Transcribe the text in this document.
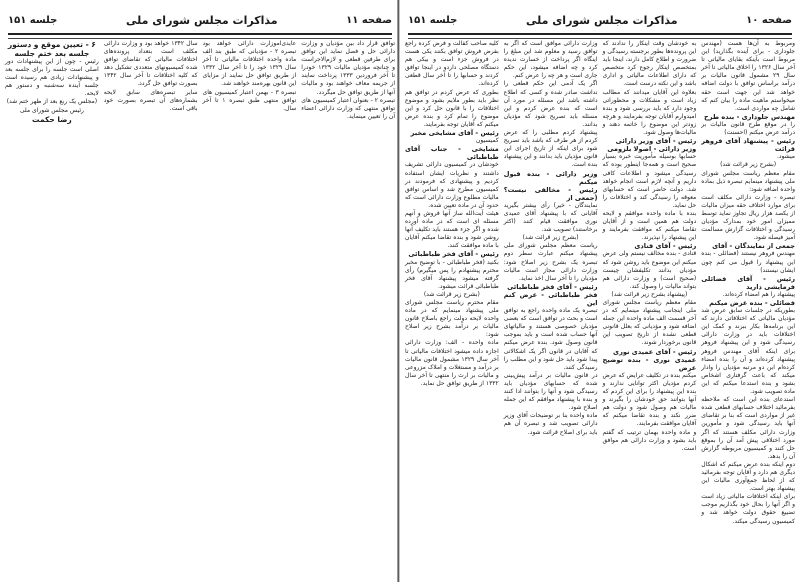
صفحه ۱۱
مذاکرات مجلس شورای ملی
جلسه ۱۵۱

توافق قرار داد بین مؤدیان و وزارت دارائی حل و فصل نماید این توافق برای طرفین قطعی و لازم‌الاجراست و چنانچه مؤدیان مالیات ۱۳۲۹ خودرا تا آخر فروردین ۱۳۳۳ پرداخت نمایند از جریمه معاف خواهند بود و مالیات آنها از طریق توافق حل میگردد.

تبصره ۲ - بعنوان اعتبار کمیسیون های توافق منتهی که وزارت دارائی اعضاء آن را تعیین مینماید.

عایدی‌اموزارت دارائی خواهد بود تبصره ۲ - مؤدیانی که طبق بند الف ماده واحده اختلافات مالیاتی تا آخر سال ۱۳۲۹ خود را تا آخر سال ۱۳۳۲ از طریق توافق حل نمایند از مزایای این قانون بهره‌مند خواهند شد.

تبصره ۳ - بهمن اعتبار کمیسیون های توافق منتهی طبق تبصره ۱ تا آخر سال.

سال ۱۳۴۲ خواهد بود و وزارت دارائی مکلف است بتعداد پرونده‌های اختلافات مالیاتی که تقاضای توافق شده کمیسیونهای متعددی تشکیل دهد که کلیه اختلافات تا آخر سال ۱۳۴۲ بصورت توافق حل گردد.

سایر تبصره‌های سابق لایحه بشماره‌های آن تبصره بصورت خود باقی است.

۶ - تعیین موقع و دستور جلسه بعد ختم جلسه

رئیس - چون از این پیشنهادات دور اصلی است جلسه را برای جلسه بعد و پیشنهادات زیادی هم رسیده است جلسه آینده سه‌شنبه و دستور هم لایحه.

(مجلس یک ربع بعد از ظهر ختم شد)

رئیس مجلس شورای ملی

رضا حکمت

صفحه ۱۰
مذاکرات مجلس شورای ملی
جلسه ۱۵۱

ومربوط به آن‌ها هست (مهندس جلوداری - برای آینده بگذارید) این مربوط است بآینکه بقایای مالیاتی تا آخر سال ۱۳۲۶ را اخلاق مالیاتی تا آخر سال ۲۹ مشمول قانون مالیات بر درآمد براساس توافق با دولت اضافه خواهد شد این جهت است حقه میخواستم ماهیت ماده را بیان کنم که شامل چه مواردی است.

مهندس جلوداری - بنده طرح

را در موقع طرح قانون مالیات بر درآمد عرض میکنم (احسنت)

رئیس - پیشنهاد آقای فروهر قرائت

میشود.

(بشرح زیر قرائت شد)

مقام معظم ریاست مجلس شورای ملی پیشنهاد مینمایم تبصره ذیل بماده واحده اضافه شود:

تبصره - وزارت دارائی مکلف است برای موارد اختلاف حقه میزان مالیات از یکصد هزار ریال تجاوز نماید توسط ممیزان امور خود بمدارک مؤدیان رسیدگی و اختلافات گزارش مسالمت آمیز فیصله شود.

جمعی از نمایندگان - آقای

مهندس فروهر نیستند (فضائلی - بنده این پیشنهاد را قبول می کنم چون ایشان نیستند)

رئیس - آقای فضائلی فرمایشی دارید

پیشنهاد را هم امضاء کرده‌اند.

فضائلی - بنده عرض میکنم

بطوریکه در جلسات سابق عرض شد مؤدیان مالیاتی که اختلافاتی دارند که این برنامه‌ها بکار ببرند و کمک این اختلافات باید در وزارت دارائی رسیدگی شود و این پیشنهاد فروهر برای اینکه آقای مهندس فروهر پیشنهاد کرده‌اند و آن را بنده امضاء کرده‌ام این دو مرتبه مؤدیان را وادار میکند که باعث گرفتاری اشخاص بشود و بنده استدعا میکنم که این ماده تصویب شود.

استدعای بنده این است که ملاحظه بفرمائید اختلاف حسابهای قطعی شده غیر از مواردی است که بنا بر تقاضای آنها باید رسیدگی شود و مأمورین وزارت دارائی مکلف هستند که اگر مورد اختلافی پیش آمد آن را بموقع حل کنند و کمیسیون مربوطه گزارش آن را بدهد.

دوم اینکه بنده عرض میکنم که اشکال دیگری هم دارد و آقایان توجه بفرمائید که از لحاظ جمع‌آوری مالیات این پیشنهاد بهتر است.

برای اینکه اختلافات مالیاتی زیاد است و اگر آنها را بحال خود بگذاریم موجب تضییع حقوق دولت خواهد شد و کمیسیون رسیدگی میکند.

به خودشان وقت اینکار را ندادند که این پرونده‌ها بطور برجسته رسیدگی و ضرورت و اطلاع کامل دارند، اینجا باید بمتخصص اینکار رجوع کرد متخصص که دارای اطلاعات مالیاتی و اداری باشد و این نکته درست است.

بعلاوه این آقایان میدانند که مطالب زیاد است و مشکلات و محظوراتی وجود دارد که باید بررسی شود و بنده امیدوارم آقایان توجه بفرمایند و هرچه زودتر این موضوع را خاتمه دهند و مالیات‌ها وصول شود.

رئیس - آقای وزیر دارائی

وزیر دارائی - اصولا بلزومی

حسابها بوسیله مأموریت خبره بسیار صحیح است و همه‌جا اینطور بوده که رسیدگی میشود و اطلاعات کافی داریم و آنچه لازم است انجام خواهد شد. دولت حاضر است که حسابهای معوقه را رسیدگی کند و اختلافات را حل نماید.

بنده با ماده واحده موافقم و لایحه دولت هم همین است و از آقایان تقاضا میکنم که موافقت بفرمایند و این پیشنهاد را نپذیرند.

رئیس - آقای قنادی

قنادی - بنده مخالف نیستم ولی عرض میکنم این موضوع باید روشن شود که مؤدیان بدانند تکلیفشان چیست (صحیح است) و وزارت دارائی هم بتواند مالیات را وصول کند.

(پیشنهاد بشرح زیر قرائت شد)

مقام معظم ریاست مجلس شورای ملی اینجانب پیشنهاد مینمایم که در آخر قسمت الف ماده واحده این جمله اضافه شود و مؤدیانی که بعلل قانونی قطعی نشده از تاریخ تصویب این قانون برخوردار شوند.

رئیس - آقای عمیدی نوری

عمیدی نوری - بنده توضیح عرض

میکنم بنده در تکلیف عرایض که عرض کردم مؤدیان اکثر توانایی ندارند و بنده این پیشنهاد را برای این کردم که آنها بتوانند حق خودشان را بگیرند و مالیات هم وصول شود و دولت هم ضرر نکند و بنده تقاضا میکنم که آقایان موافقت بفرمایند.

و ماده واحده بهمان ترتیب که گفتم باید بشود و وزارت دارائی هم موافق است.

وزارت دارائی موافق است که اگر به توافق رسید و معلوم شد این مبلغ را اینگاه اگر پرداخت از خسارت ندیده کرد و چه اضافه میشود، این حکم جاری است و هر چه را عرض کنم.

اگر یک آدمی این حکم قطعی را نداشت صادر شده و کسی که اطلاع داشته باشد این مسئله در مورد آن است که بنده عرض کردم و این مسئله باید تصریح شود که مؤدیان بدانند.

پیشنهاد کردم مطلبی را که عرض کردم از هر طرف که باشد باید تصریح شود برای اینکه از تاریخ اجرای این قانون مؤدیان باید بدانند و این پیشنهاد بنده است.

وزیر دارائی - بنده قبول میکنم

رئیس - مخالفی نیست؟ (جمعی از

نمایندگان - خیر) رأی بیشتر بگیرید آقایانی که با پیشنهاد آقای عمیدی نوری موافقت قیام کنند (اکثر برخاستند) تصویب شد.

(بشرح زیر قرائت شد)

ریاست معظم مجلس شورای ملی پیشنهاد میکنم عبارت سطر دوم تبصره یک بشرح زیر اصلاح شود: وزارت دارائی مجاز است مالیات مؤدیان را تا آخر سال اخذ نماید.

رئیس - آقای فخر طباطبائی

فخر طباطبائی - عرض کنم این

تبصره یک ماده واحده راجع به توافق است و بحث در توافق است که بعضی مؤدیان خصوصی هستند و مالیاتهای آنها حساب شده است و باید بموجب قانون وصول شود. بنده عرض میکنم که آقایان در قانون اگر یک اشکالاتی پیدا شود باید حل شود و این مطلب را رسیدگی کنند.

در قانون مالیات بر درآمد پیش‌بینی شده که حسابهای مؤدیان باید رسیدگی شود و آنها را بتوانند ادا کنند و بنده با پیشنهاد موافقم که این جمله اصلاح شود.

ماده واحده بنا بر توضیحات آقای وزیر دارائی تصویب شد و تبصره آن هم باید برای اصلاح قرائت شود.

کلیه صاحب کفالت و فرض کرده راجع بفرض فروش توافق بکنند یکی هست در فروش جزء است و بیکی هم دستگاه مصلحی داردو در اینجا توافق کردند و حسابها را تا آخر سال قطعی کرده‌اند.

بطوری که عرض کردم در توافق هم نظر باید بطور ملایم بشود و موضوع اختلافات را با قانون حل کرد و این موضوع را تمام کرد و بنده عرض میکنم که آقایان توجه بفرمایند.

رئیس - آقای مشایخی مخبر

کمیسیون

مشایخی - جناب آقای طباطبائی

خودشان در کمیسیون دارائی تشریف داشتند و نظریات ایشان استفاده کردیم و پیشنهادی که فرمودند در کمیسیون مطرح شد و اساس توافق مالیات مطلوع وزارت دارائی است که حدود آن در ماده تعیین شده.

هیئت آیت‌الله ساز آنها فروش و آنهم مسئله ای است که در ماده آورده شده و اگر جزء هستند باید تکلیف آنها روشن شود و بنده تقاضا میکنم آقایان با ماده موافقت کنند.

رئیس - آقای فخر طباطبائی

بکنید (فخر طباطبائی - با توضیح مخبر محترم پیشنهادم را پس میگیرم) رأی گرفته میشود پیشنهاد آقای فخر طباطبائی قرائت میشود.

(بشرح زیر قرائت شد)

مقام محترم ریاست مجلس شورای ملی پیشنهاد مینمایم که در ماده واحده لایحه دولت راجع باصلاح قانون مالیات بر درآمد بشرح زیر اصلاح شود:

ماده واحده - الف: وزارت دارائی اجازه داده میشود اختلافات مالیاتی تا آخر سال ۱۳۲۹ مشمول قانون مالیات بر درآمد و مستغلات و املاک مزروعی و مالیات بر ارث را منتهی تا آخر سال ۱۳۳۲ از طریق توافق حل نماید.
